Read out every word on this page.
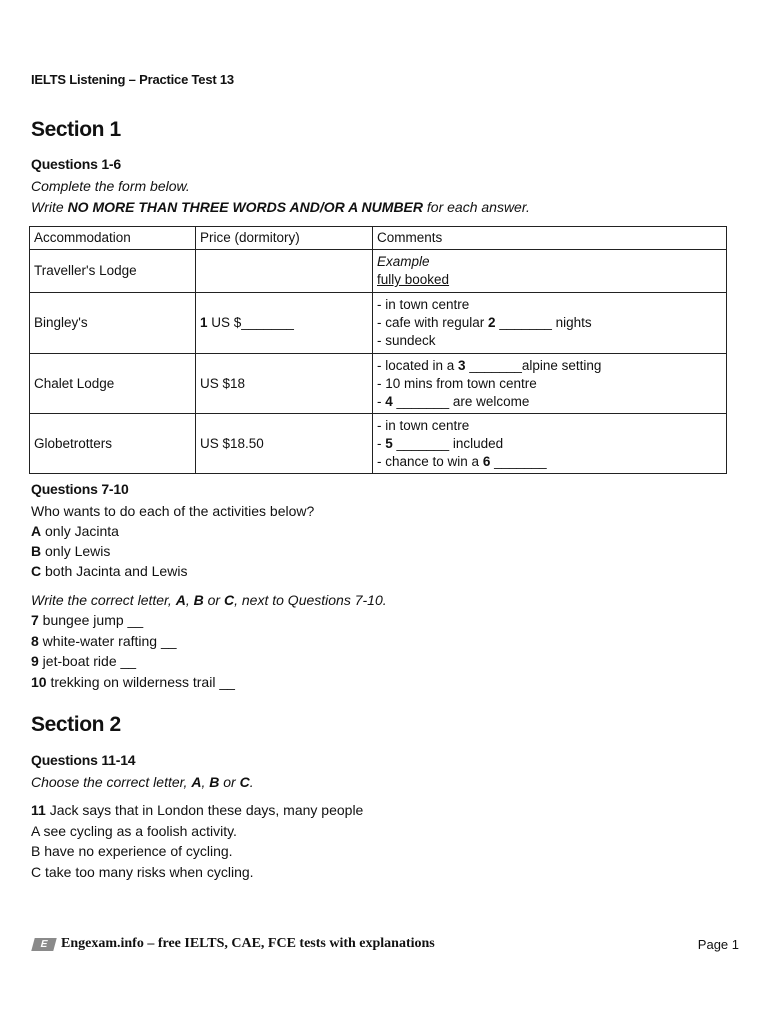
IELTS Listening – Practice Test 13
Section 1
Questions 1-6
Complete the form below.
Write NO MORE THAN THREE WORDS AND/OR A NUMBER for each answer.
Accommodation	Price (dormitory)	Comments
Traveller's Lodge		Example
fully booked

Bingley's	1 US $_______	- in town centre
- cafe with regular 2 _______ nights
- sundeck

Chalet Lodge	US $18	- located in a 3 _______alpine setting
- 10 mins from town centre
- 4 _______ are welcome

Globetrotters	US $18.50	- in town centre
- 5 _______ included
- chance to win a 6 _______
Questions 7-10
Who wants to do each of the activities below?
A only Jacinta
B only Lewis
C both Jacinta and Lewis
Write the correct letter, A, B or C, next to Questions 7-10.
7 bungee jump __
8 white-water rafting __
9 jet-boat ride __
10 trekking on wilderness trail __
Section 2
Questions 11-14
Choose the correct letter, A, B or C.
11 Jack says that in London these days, many people
A see cycling as a foolish activity.
B have no experience of cycling.
C take too many risks when cycling.
E Engexam.info – free IELTS, CAE, FCE tests with explanations	Page 1
